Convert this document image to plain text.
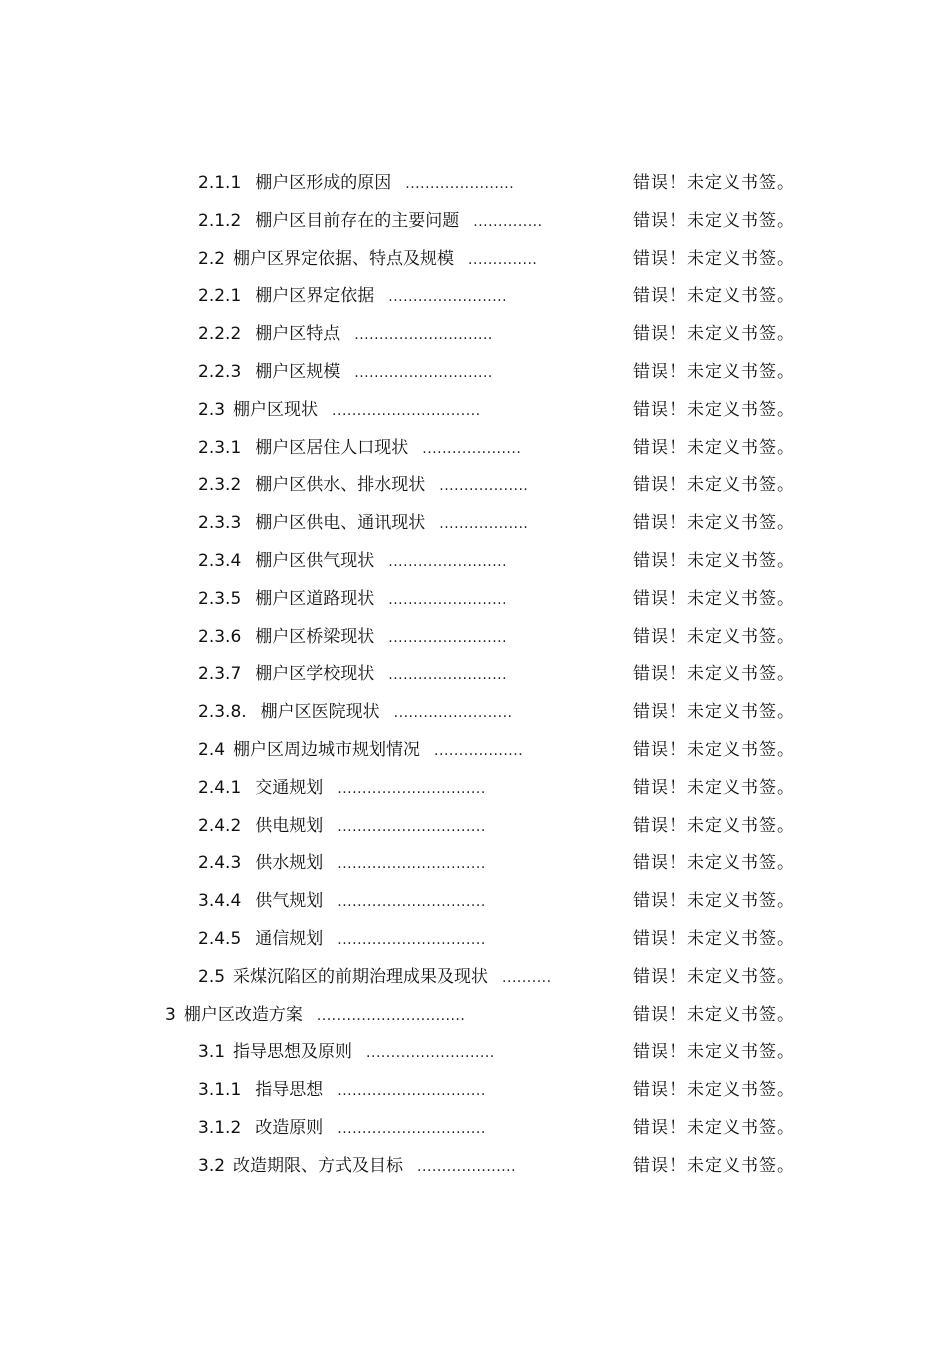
2.1.1 棚户区形成的原因 ......................	错误！未定义书签。
2.1.2 棚户区目前存在的主要问题 ..............	错误！未定义书签。
2.2 棚户区界定依据、特点及规模 ..............	错误！未定义书签。
2.2.1 棚户区界定依据 ........................	错误！未定义书签。
2.2.2 棚户区特点 ............................	错误！未定义书签。
2.2.3 棚户区规模 ............................	错误！未定义书签。
2.3 棚户区现状 ..............................	错误！未定义书签。
2.3.1 棚户区居住人口现状 ....................	错误！未定义书签。
2.3.2 棚户区供水、排水现状 ..................	错误！未定义书签。
2.3.3 棚户区供电、通讯现状 ..................	错误！未定义书签。
2.3.4 棚户区供气现状 ........................	错误！未定义书签。
2.3.5 棚户区道路现状 ........................	错误！未定义书签。
2.3.6 棚户区桥梁现状 ........................	错误！未定义书签。
2.3.7 棚户区学校现状 ........................	错误！未定义书签。
2.3.8. 棚户区医院现状 ........................	错误！未定义书签。
2.4 棚户区周边城市规划情况 ..................	错误！未定义书签。
2.4.1 交通规划 ..............................	错误！未定义书签。
2.4.2 供电规划 ..............................	错误！未定义书签。
2.4.3 供水规划 ..............................	错误！未定义书签。
3.4.4 供气规划 ..............................	错误！未定义书签。
2.4.5 通信规划 ..............................	错误！未定义书签。
2.5 采煤沉陷区的前期治理成果及现状 ..........	错误！未定义书签。
3 棚户区改造方案 ..............................	错误！未定义书签。
3.1 指导思想及原则 ..........................	错误！未定义书签。
3.1.1 指导思想 ..............................	错误！未定义书签。
3.1.2 改造原则 ..............................	错误！未定义书签。
3.2 改造期限、方式及目标 ....................	错误！未定义书签。
